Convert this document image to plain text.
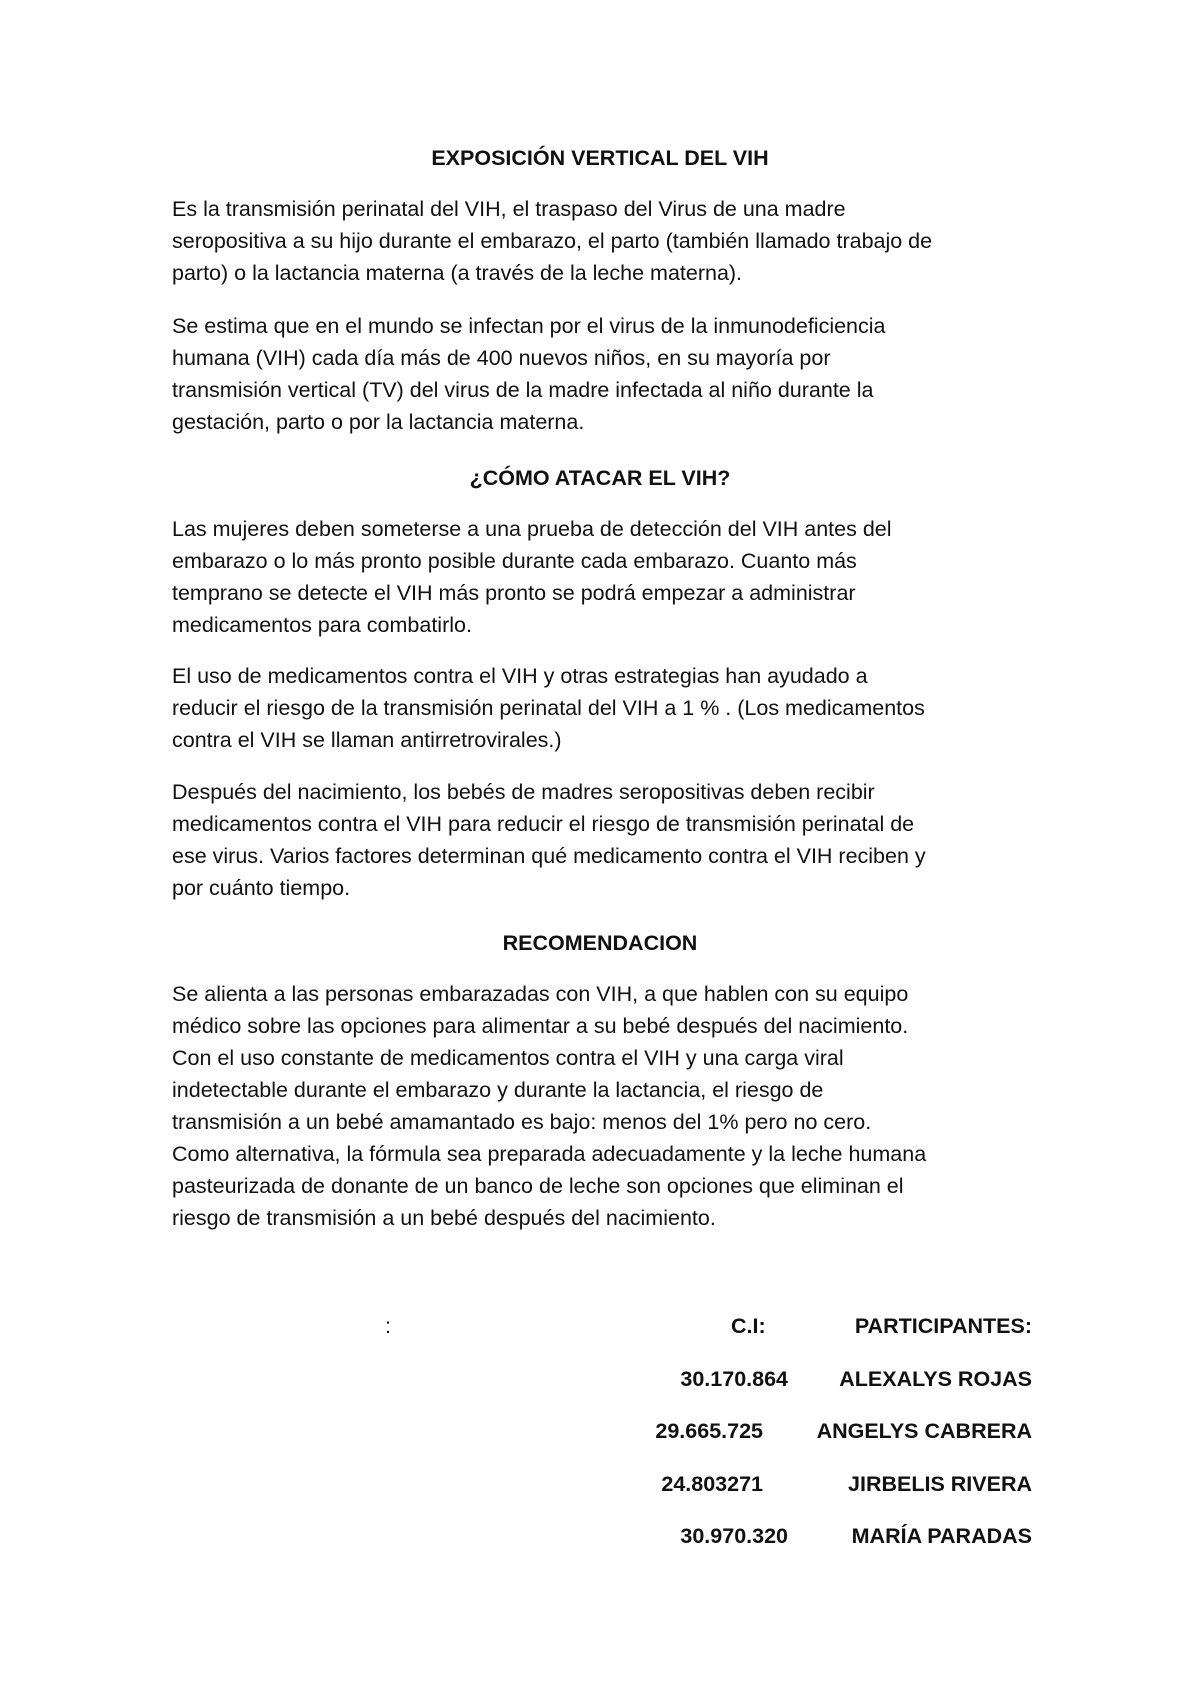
EXPOSICIÓN VERTICAL DEL VIH

Es la transmisión perinatal del VIH, el traspaso del Virus de una madre
seropositiva a su hijo durante el embarazo, el parto (también llamado trabajo de
parto) o la lactancia materna (a través de la leche materna).

Se estima que en el mundo se infectan por el virus de la inmunodeficiencia
humana (VIH) cada día más de 400 nuevos niños, en su mayoría por
transmisión vertical (TV) del virus de la madre infectada al niño durante la
gestación, parto o por la lactancia materna.

¿CÓMO ATACAR EL VIH?

Las mujeres deben someterse a una prueba de detección del VIH antes del
embarazo o lo más pronto posible durante cada embarazo. Cuanto más
temprano se detecte el VIH más pronto se podrá empezar a administrar
medicamentos para combatirlo.

El uso de medicamentos contra el VIH y otras estrategias han ayudado a
reducir el riesgo de la transmisión perinatal del VIH a 1 % . (Los medicamentos
contra el VIH se llaman antirretrovirales.)

Después del nacimiento, los bebés de madres seropositivas deben recibir
medicamentos contra el VIH para reducir el riesgo de transmisión perinatal de
ese virus. Varios factores determinan qué medicamento contra el VIH reciben y
por cuánto tiempo.

RECOMENDACION

Se alienta a las personas embarazadas con VIH, a que hablen con su equipo
médico sobre las opciones para alimentar a su bebé después del nacimiento.
Con el uso constante de medicamentos contra el VIH y una carga viral
indetectable durante el embarazo y durante la lactancia, el riesgo de
transmisión a un bebé amamantado es bajo: menos del 1% pero no cero.
Como alternativa, la fórmula sea preparada adecuadamente y la leche humana
pasteurizada de donante de un banco de leche son opciones que eliminan el
riesgo de transmisión a un bebé después del nacimiento.

:	C.I:	PARTICIPANTES:
30.170.864 ALEXALYS ROJAS
29.665.725 ANGELYS CABRERA
24.803271	JIRBELIS RIVERA
30.970.320	MARÍA PARADAS
